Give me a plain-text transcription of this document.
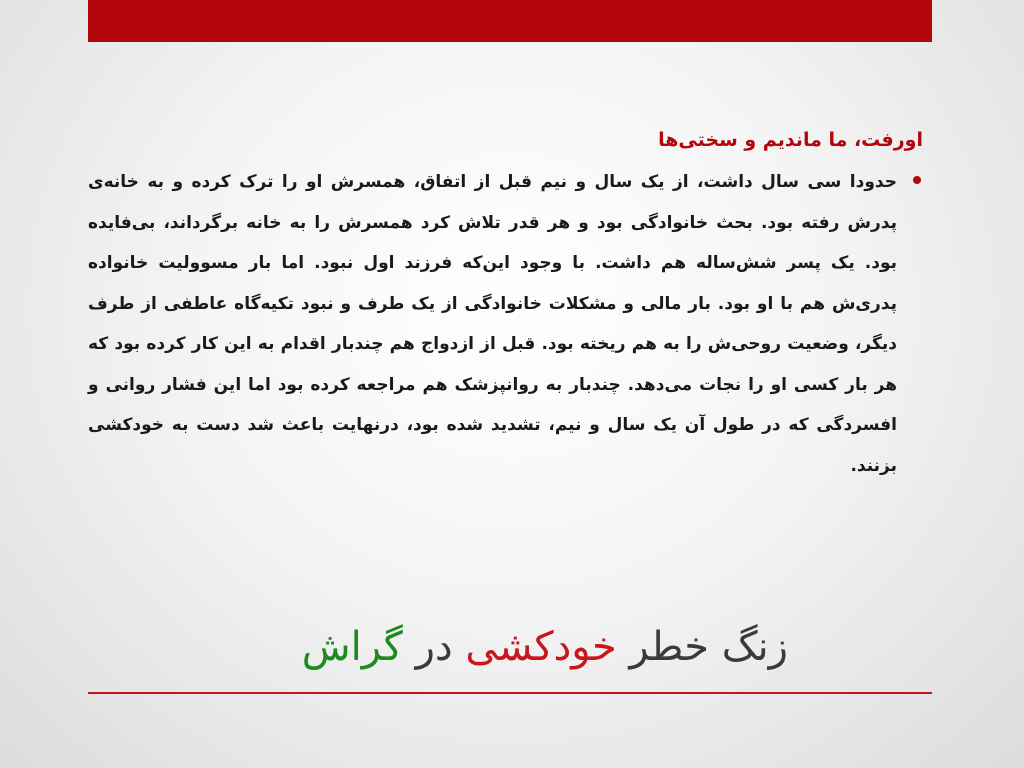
اورفت، ما ماندیم و سختی‌ها

حدودا سی سال داشت، از یک سال و نیم قبل از اتفاق، همسرش او را ترک کرده و به خانه‌ی پدرش رفته بود. بحث خانوادگی بود و هر قدر تلاش کرد همسرش را به خانه برگرداند، بی‌فایده بود. یک پسر شش‌ساله هم داشت. با وجود این‌که فرزند اول نبود. اما بار مسوولیت خانواده پدری‌ش هم با او بود. بار مالی و مشکلات خانوادگی از یک طرف و نبود تکیه‌گاه عاطفی از طرف دیگر، وضعیت روحی‌ش را به هم ریخته بود. قبل از ازدواج هم چندبار اقدام به این کار کرده بود که هر بار کسی او را نجات می‌دهد. چندبار به روانپزشک هم مراجعه کرده بود اما این فشار روانی و افسردگی که در طول آن یک سال و نیم، تشدید شده بود، درنهایت باعث شد دست به خودکشی بزنند.

زنگ خطر خودکشی در گراش
